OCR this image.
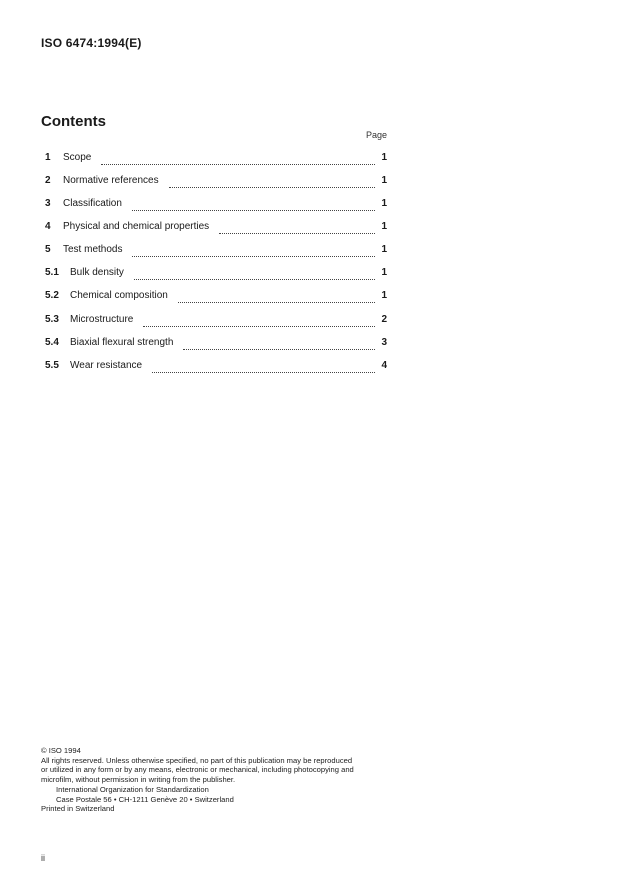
ISO 6474:1994(E)
Contents
Page
1	Scope	1
2	Normative references	1
3	Classification	1
4	Physical and chemical properties	1
5	Test methods	1
5.1	Bulk density	1
5.2	Chemical composition	1
5.3	Microstructure	2
5.4	Biaxial flexural strength	3
5.5	Wear resistance	4
© ISO 1994
All rights reserved. Unless otherwise specified, no part of this publication may be reproduced
or utilized in any form or by any means, electronic or mechanical, including photocopying and
microfilm, without permission in writing from the publisher.
International Organization for Standardization
Case Postale 56 • CH-1211 Genève 20 • Switzerland
Printed in Switzerland
ii
